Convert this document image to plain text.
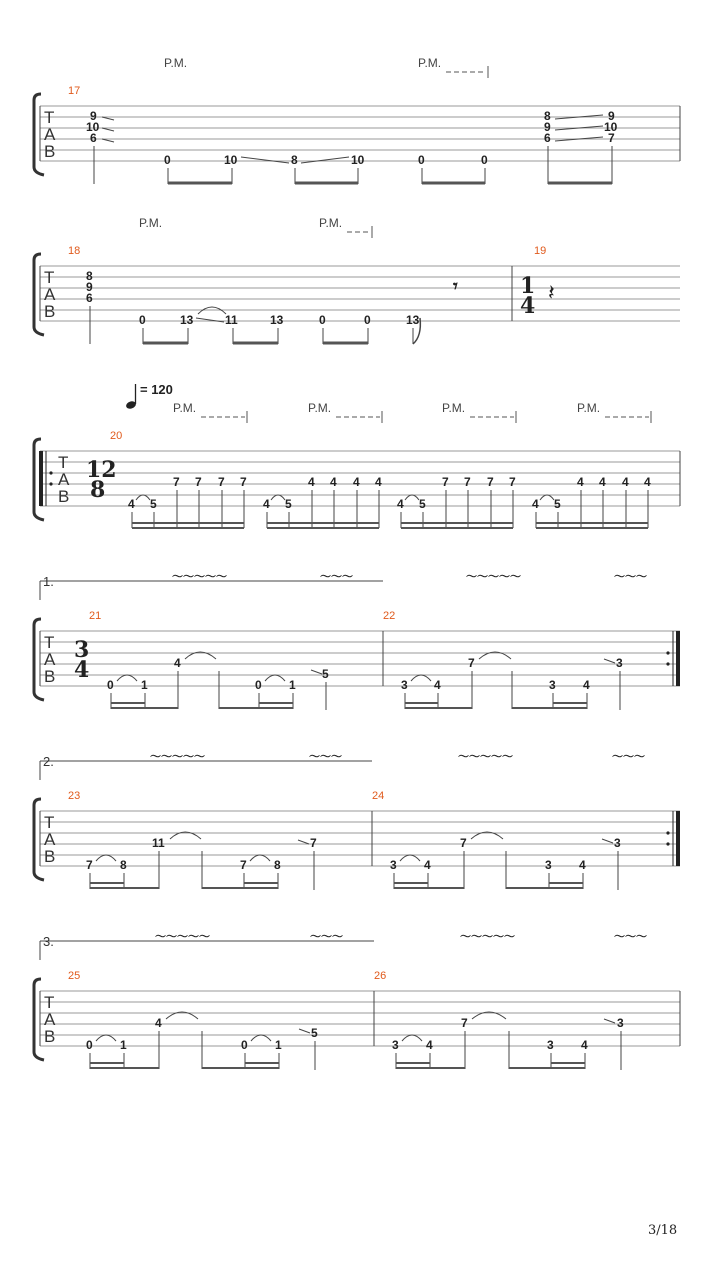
P.M.	P.M.
17
T
A
B
9
10
6
0	10	8	10	0	0
8
9
6
9
10
7
P.M.	P.M.
18	19
T
A
B
8
9
6
0	13	11	13	0	0	13
𝄾	1
4 𝄽
= 120
P.M.	P.M.	P.M.	P.M.
20
T
A
B
12
8
4 5
7 7 7 7
4 5
4 4 4 4
4 5
7 7 7 7
4 5
4 4 4 4
1.	〜〜〜〜〜	〜〜〜	〜〜〜〜〜	〜〜〜
21	22
T
A
B
3
4
0 1
4
0 1
5
3 4
7
3 4
3
2.	〜〜〜〜〜	〜〜〜	〜〜〜〜〜	〜〜〜
23	24
T
A
B	7 8
11
7 8
7
3 4
7
3 4
3
3.	〜〜〜〜〜	〜〜〜	〜〜〜〜〜	〜〜〜
25	26
T
A
B	0 1
4
0 1
5
3 4
7
3 4
3
3/18
